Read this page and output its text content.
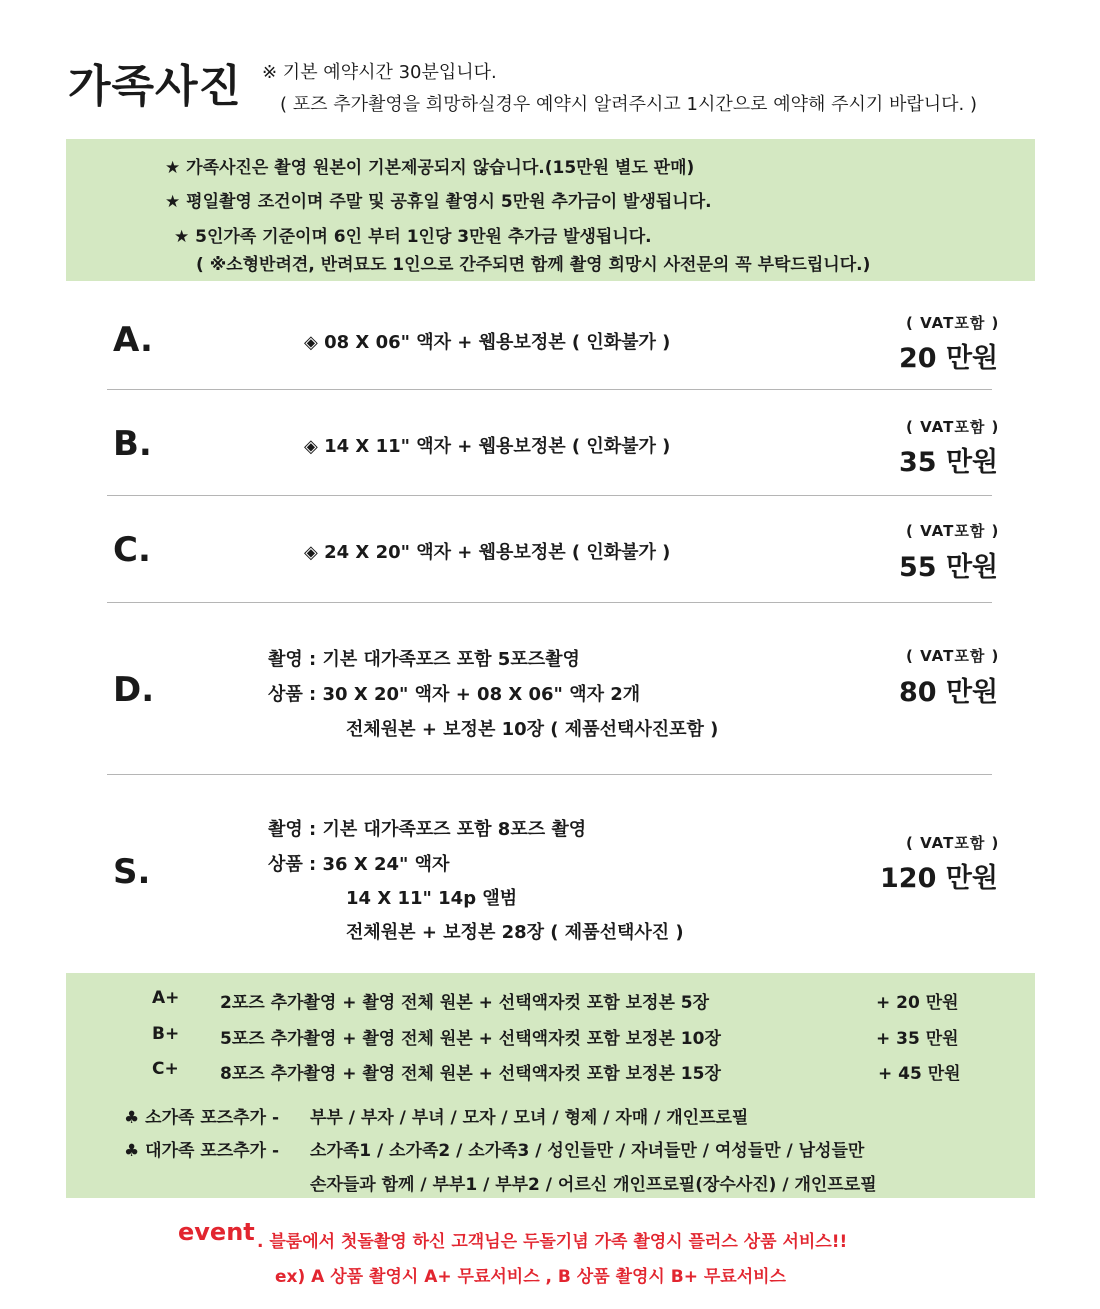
가족사진 ※ 기본 예약시간 30분입니다.
( 포즈 추가촬영을 희망하실경우 예약시 알려주시고 1시간으로 예약해 주시기 바랍니다. )
★ 가족사진은 촬영 원본이 기본제공되지 않습니다.(15만원 별도 판매)
★ 평일촬영 조건이며 주말 및 공휴일 촬영시 5만원 추가금이 발생됩니다.
★ 5인가족 기준이며 6인 부터 1인당 3만원 추가금 발생됩니다.
( ※소형반려견, 반려묘도 1인으로 간주되면 함께 촬영 희망시 사전문의 꼭 부탁드립니다.)
A.	◈ 08 X 06" 액자 + 웹용보정본 ( 인화불가 )
( VAT포함 )
20 만원
B.	◈ 14 X 11" 액자 + 웹용보정본 ( 인화불가 )
( VAT포함 )
35 만원
C.	◈ 24 X 20" 액자 + 웹용보정본 ( 인화불가 )
( VAT포함 )
55 만원
D.
촬영 : 기본 대가족포즈 포함 5포즈촬영
상품 : 30 X 20" 액자 + 08 X 06" 액자 2개
전체원본 + 보정본 10장 ( 제품선택사진포함 )
( VAT포함 )
80 만원
S.
촬영 : 기본 대가족포즈 포함 8포즈 촬영
상품 : 36 X 24" 액자
14 X 11" 14p 앨범
전체원본 + 보정본 28장 ( 제품선택사진 )
( VAT포함 )
120 만원
A+ 2포즈 추가촬영 + 촬영 전체 원본 + 선택액자컷 포함 보정본 5장	+ 20 만원
B+ 5포즈 추가촬영 + 촬영 전체 원본 + 선택액자컷 포함 보정본 10장	+ 35 만원
C+ 8포즈 추가촬영 + 촬영 전체 원본 + 선택액자컷 포함 보정본 15장	+ 45 만원
♣ 소가족 포즈추가 - 부부 / 부자 / 부녀 / 모자 / 모녀 / 형제 / 자매 / 개인프로필
♣ 대가족 포즈추가 - 소가족1 / 소가족2 / 소가족3 / 성인들만 / 자녀들만 / 여성들만 / 남성들만
손자들과 함께 / 부부1 / 부부2 / 어르신 개인프로필(장수사진) / 개인프로필
event . 블룸에서 첫돌촬영 하신 고객님은 두돌기념 가족 촬영시 플러스 상품 서비스!!
ex) A 상품 촬영시 A+ 무료서비스 , B 상품 촬영시 B+ 무료서비스
